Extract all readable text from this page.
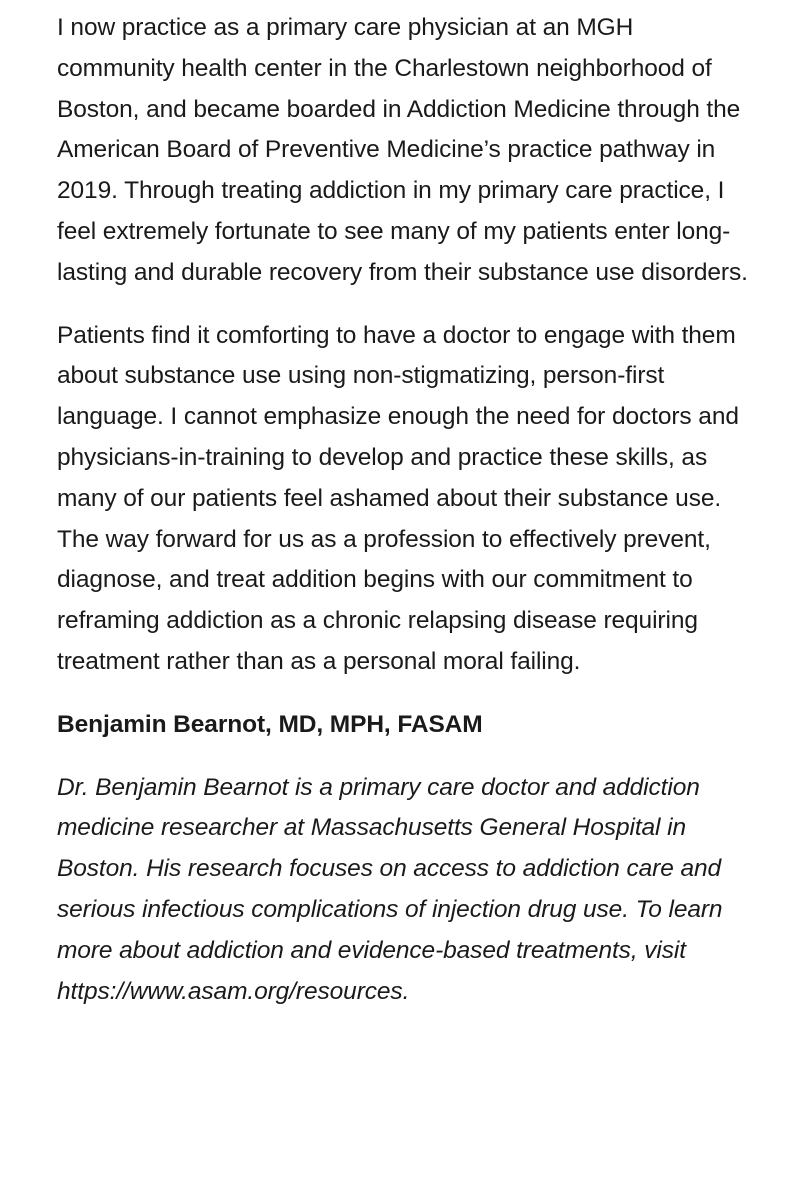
I now practice as a primary care physician at an MGH community health center in the Charlestown neighborhood of Boston, and became boarded in Addiction Medicine through the American Board of Preventive Medicine’s practice pathway in 2019. Through treating addiction in my primary care practice, I feel extremely fortunate to see many of my patients enter long-lasting and durable recovery from their substance use disorders.

Patients find it comforting to have a doctor to engage with them about substance use using non-stigmatizing, person-first language. I cannot emphasize enough the need for doctors and physicians-in-training to develop and practice these skills, as many of our patients feel ashamed about their substance use. The way forward for us as a profession to effectively prevent, diagnose, and treat addition begins with our commitment to reframing addiction as a chronic relapsing disease requiring treatment rather than as a personal moral failing.

Benjamin Bearnot, MD, MPH, FASAM

Dr. Benjamin Bearnot is a primary care doctor and addiction medicine researcher at Massachusetts General Hospital in Boston. His research focuses on access to addiction care and serious infectious complications of injection drug use. To learn more about addiction and evidence-based treatments, visit https://www.asam.org/resources.
